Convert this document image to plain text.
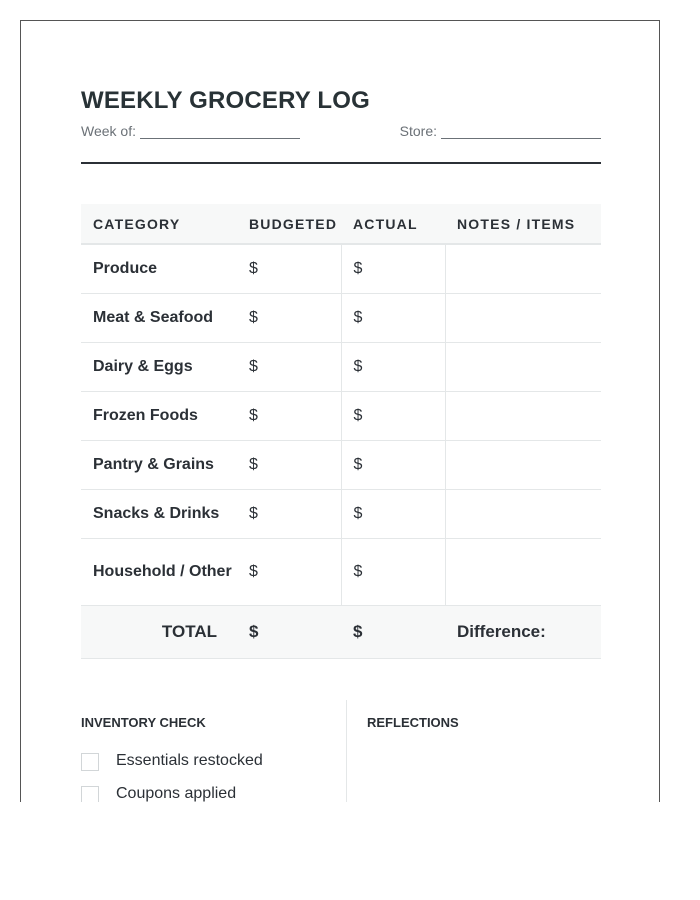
WEEKLY GROCERY LOG
Week of:	Store:
CATEGORY	BUDGETED	ACTUAL	NOTES / ITEMS
Produce	$	$	
Meat & Seafood	$	$	
Dairy & Eggs	$	$	
Frozen Foods	$	$	
Pantry & Grains	$	$	
Snacks & Drinks	$	$	
Household / Other	$	$	
TOTAL	$	$	Difference:
INVENTORY CHECK
Essentials restocked
Coupons applied
REFLECTIONS
